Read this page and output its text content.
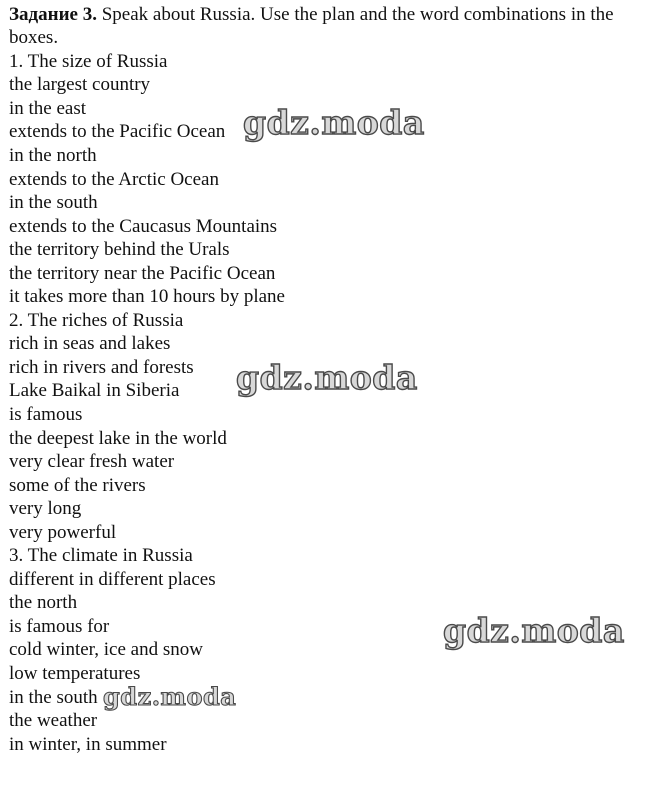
Задание 3. Speak about Russia. Use the plan and the word combinations in the boxes.

1. The size of Russia
the largest country
in the east
extends to the Pacific Ocean
in the north
extends to the Arctic Ocean
in the south
extends to the Caucasus Mountains
the territory behind the Urals
the territory near the Pacific Ocean
it takes more than 10 hours by plane
2. The riches of Russia
rich in seas and lakes
rich in rivers and forests
Lake Baikal in Siberia
is famous
the deepest lake in the world
very clear fresh water
some of the rivers
very long
very powerful
3. The climate in Russia
different in different places
the north
is famous for
cold winter, ice and snow
low temperatures
in the south
the weather
in winter, in summer
gdz.moda
gdz.moda
gdz.moda
gdz.moda
